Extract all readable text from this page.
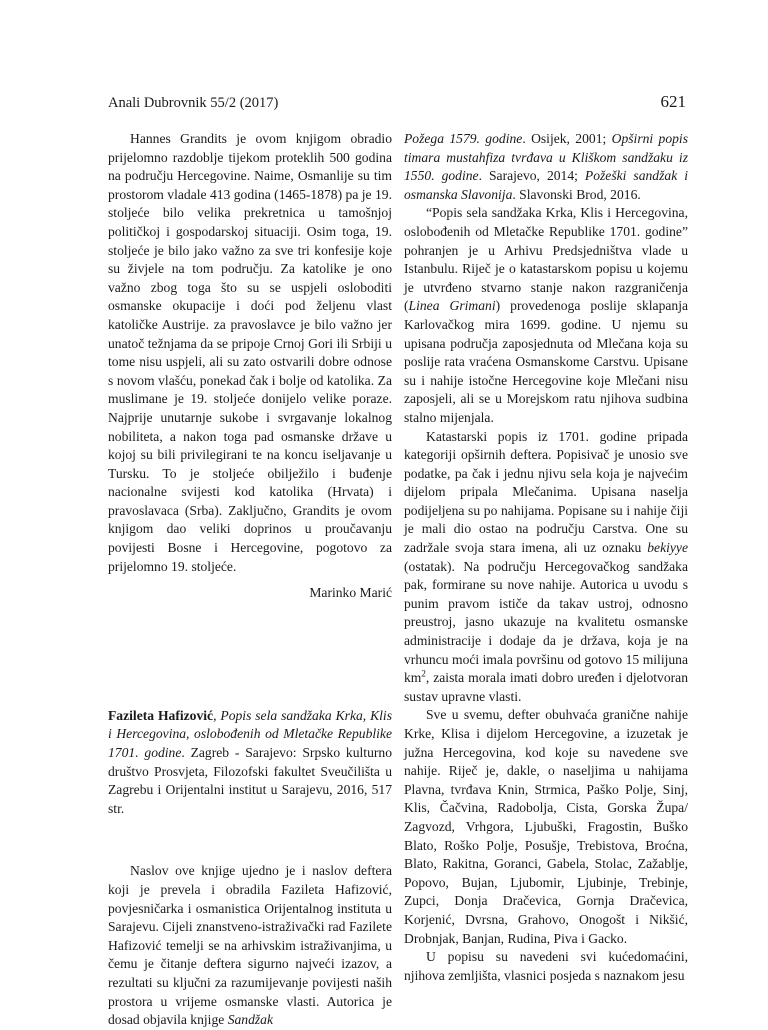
Anali Dubrovnik 55/2 (2017)	621

Hannes Grandits je ovom knjigom obradio prijelomno razdoblje tijekom proteklih 500 godina na području Hercegovine. Naime, Osmanlije su tim prostorom vladale 413 godina (1465-1878) pa je 19. stoljeće bilo velika prekretnica u tamošnjoj političkoj i gospodarskoj situaciji. Osim toga, 19. stoljeće je bilo jako važno za sve tri konfesije koje su živjele na tom području. Za katolike je ono važno zbog toga što su se uspjeli osloboditi osmanske okupacije i doći pod željenu vlast katoličke Austrije. za pravoslavce je bilo važno jer unatoč težnjama da se pripoje Crnoj Gori ili Srbiji u tome nisu uspjeli, ali su zato ostvarili dobre odnose s novom vlašću, ponekad čak i bolje od katolika. Za muslimane je 19. stoljeće donijelo velike poraze. Najprije unutarnje sukobe i svrgavanje lokalnog nobiliteta, a nakon toga pad osmanske države u kojoj su bili privilegirani te na koncu iseljavanje u Tursku. To je stoljeće obilježilo i buđenje nacionalne svijesti kod katolika (Hrvata) i pravoslavaca (Srba). Zaključno, Grandits je ovom knjigom dao veliki doprinos u proučavanju povijesti Bosne i Hercegovine, pogotovo za prijelomno 19. stoljeće.

Marinko Marić

Fazileta Hafizović, Popis sela sandžaka Krka, Klis i Hercegovina, oslobođenih od Mletačke Republike 1701. godine. Zagreb - Sarajevo: Srpsko kulturno društvo Prosvjeta, Filozofski fakultet Sveučilišta u Zagrebu i Orijentalni institut u Sarajevu, 2016, 517 str.

Naslov ove knjige ujedno je i naslov deftera koji je prevela i obradila Fazileta Hafizović, povjesničarka i osmanistica Orijentalnog instituta u Sarajevu. Cijeli znanstveno-istraživački rad Fazilete Hafizović temelji se na arhivskim istraživanjima, u čemu je čitanje deftera sigurno najveći izazov, a rezultati su ključni za razumijevanje povijesti naših prostora u vrijeme osmanske vlasti. Autorica je dosad objavila knjige Sandžak

Požega 1579. godine. Osijek, 2001; Opširni popis timara mustahfiza tvrđava u Kliškom sandžaku iz 1550. godine. Sarajevo, 2014; Požeški sandžak i osmanska Slavonija. Slavonski Brod, 2016.

“Popis sela sandžaka Krka, Klis i Hercegovina, oslobođenih od Mletačke Republike 1701. godine” pohranjen je u Arhivu Predsjedništva vlade u Istanbulu. Riječ je o katastarskom popisu u kojemu je utvrđeno stvarno stanje nakon razgraničenja (Linea Grimani) provedenoga poslije sklapanja Karlovačkog mira 1699. godine. U njemu su upisana područja zaposjednuta od Mlečana koja su poslije rata vraćena Osmanskome Carstvu. Upisane su i nahije istočne Hercegovine koje Mlečani nisu zaposjeli, ali se u Morejskom ratu njihova sudbina stalno mijenjala.

Katastarski popis iz 1701. godine pripada kategoriji opširnih deftera. Popisivač je unosio sve podatke, pa čak i jednu njivu sela koja je najvećim dijelom pripala Mlečanima. Upisana naselja podijeljena su po nahijama. Popisane su i nahije čiji je mali dio ostao na području Carstva. One su zadržale svoja stara imena, ali uz oznaku bekiyye (ostatak). Na području Hercegovačkog sandžaka pak, formirane su nove nahije. Autorica u uvodu s punim pravom ističe da takav ustroj, odnosno preustroj, jasno ukazuje na kvalitetu osmanske administracije i dodaje da je država, koja je na vrhuncu moći imala površinu od gotovo 15 milijuna $km^2$, zaista morala imati dobro uređen i djelotvoran sustav upravne vlasti.

Sve u svemu, defter obuhvaća granične nahije Krke, Klisa i dijelom Hercegovine, a izuzetak je južna Hercegovina, kod koje su navedene sve nahije. Riječ je, dakle, o naseljima u nahijama Plavna, tvrđava Knin, Strmica, Paško Polje, Sinj, Klis, Čačvina, Radobolja, Cista, Gorska Župa/ Zagvozd, Vrhgora, Ljubuški, Fragostin, Buško Blato, Roško Polje, Posušje, Trebistova, Broćna, Blato, Rakitna, Goranci, Gabela, Stolac, Zažablje, Popovo, Bujan, Ljubomir, Ljubinje, Trebinje, Zupci, Donja Dračevica, Gornja Dračevica, Korjenić, Dvrsna, Grahovo, Onogošt i Nikšić, Drobnjak, Banjan, Rudina, Piva i Gacko.

U popisu su navedeni svi kućedomaćini, njihova zemljišta, vlasnici posjeda s naznakom jesu
